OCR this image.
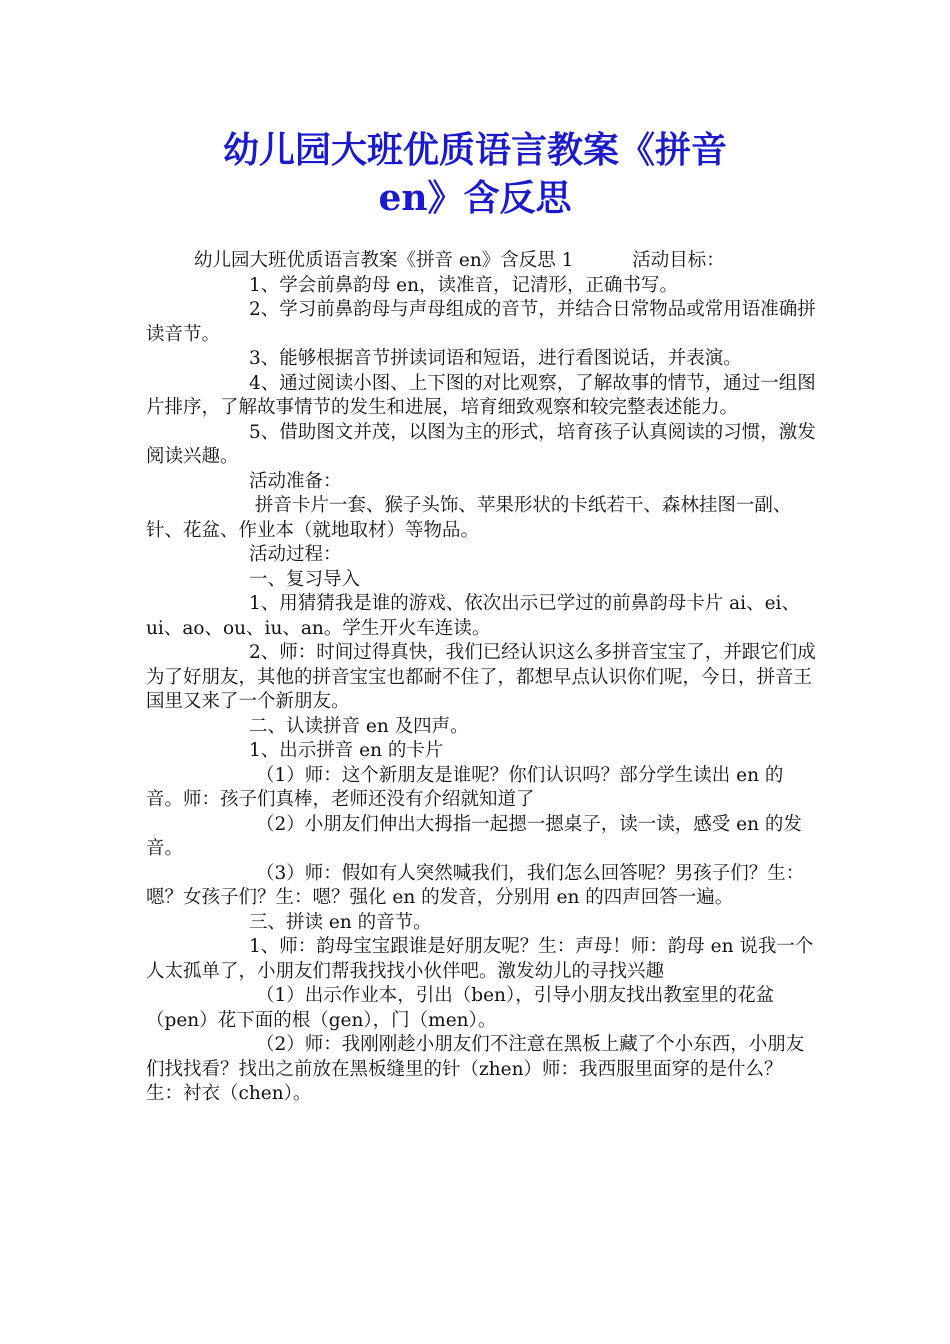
幼儿园大班优质语言教案《拼音
en》含反思

幼儿园大班优质语言教案《拼音 en》含反思 1          活动目标：

1、学会前鼻韵母 en，读准音，记清形，正确书写。

2、学习前鼻韵母与声母组成的音节，并结合日常物品或常用语准确拼读音节。

3、能够根据音节拼读词语和短语，进行看图说话，并表演。

4、通过阅读小图、上下图的对比观察，了解故事的情节，通过一组图片排序，了解故事情节的发生和进展，培育细致观察和较完整表述能力。

5、借助图文并茂，以图为主的形式，培育孩子认真阅读的习惯，激发阅读兴趣。

活动准备：

拼音卡片一套、猴子头饰、苹果形状的卡纸若干、森林挂图一副、针、花盆、作业本（就地取材）等物品。

活动过程：

一、复习导入

1、用猜猜我是谁的游戏、依次出示已学过的前鼻韵母卡片 ai、ei、ui、ao、ou、iu、an。学生开火车连读。

2、师：时间过得真快，我们已经认识这么多拼音宝宝了，并跟它们成为了好朋友，其他的拼音宝宝也都耐不住了，都想早点认识你们呢，今日，拼音王国里又来了一个新朋友。

二、认读拼音 en 及四声。

1、出示拼音 en 的卡片

（1）师：这个新朋友是谁呢？你们认识吗？部分学生读出 en 的音。师：孩子们真棒，老师还没有介绍就知道了

（2）小朋友们伸出大拇指一起摁一摁桌子，读一读，感受 en 的发音。

（3）师：假如有人突然喊我们，我们怎么回答呢？男孩子们？生：嗯？女孩子们？生：嗯？强化 en 的发音，分别用 en 的四声回答一遍。

三、拼读 en 的音节。

1、师：韵母宝宝跟谁是好朋友呢？生：声母！师：韵母 en 说我一个人太孤单了，小朋友们帮我找找小伙伴吧。激发幼儿的寻找兴趣

（1）出示作业本，引出（ben），引导小朋友找出教室里的花盆（pen）花下面的根（gen），门（men）。

（2）师：我刚刚趁小朋友们不注意在黑板上藏了个小东西，小朋友们找找看？找出之前放在黑板缝里的针（zhen）师：我西服里面穿的是什么？生：衬衣（chen）。
